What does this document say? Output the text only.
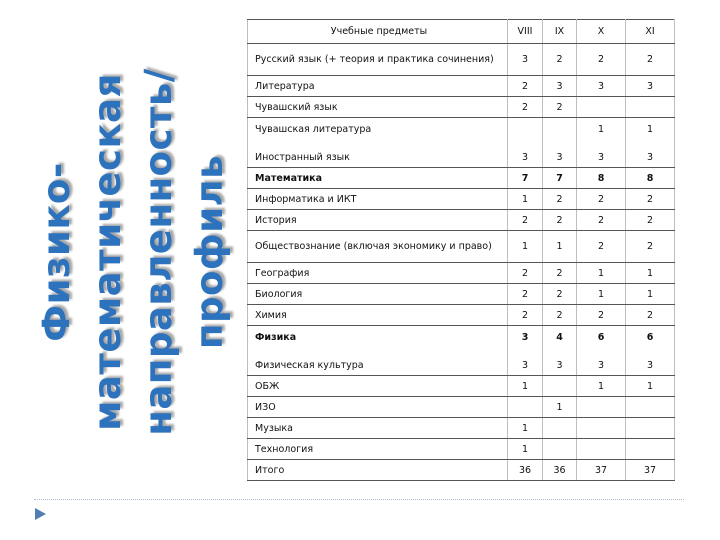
Физико- математическая направленность/ профиль
Учебные предметы	VIII	IX	X	XI
Русский язык (+ теория и практика сочинения)	3	2	2	2
Литература	2	3	3	3
Чувашский язык	2	2		
Чувашская литература			1	1
Иностранный язык	3	3	3	3
Математика	7	7	8	8
Информатика и ИКТ	1	2	2	2
История	2	2	2	2
Обществознание (включая экономику и право)	1	1	2	2
География	2	2	1	1
Биология	2	2	1	1
Химия	2	2	2	2
Физика	3	4	6	6
Физическая культура	3	3	3	3
ОБЖ	1		1	1
ИЗО		1		
Музыка	1			
Технология	1			
Итого	36	36	37	37
